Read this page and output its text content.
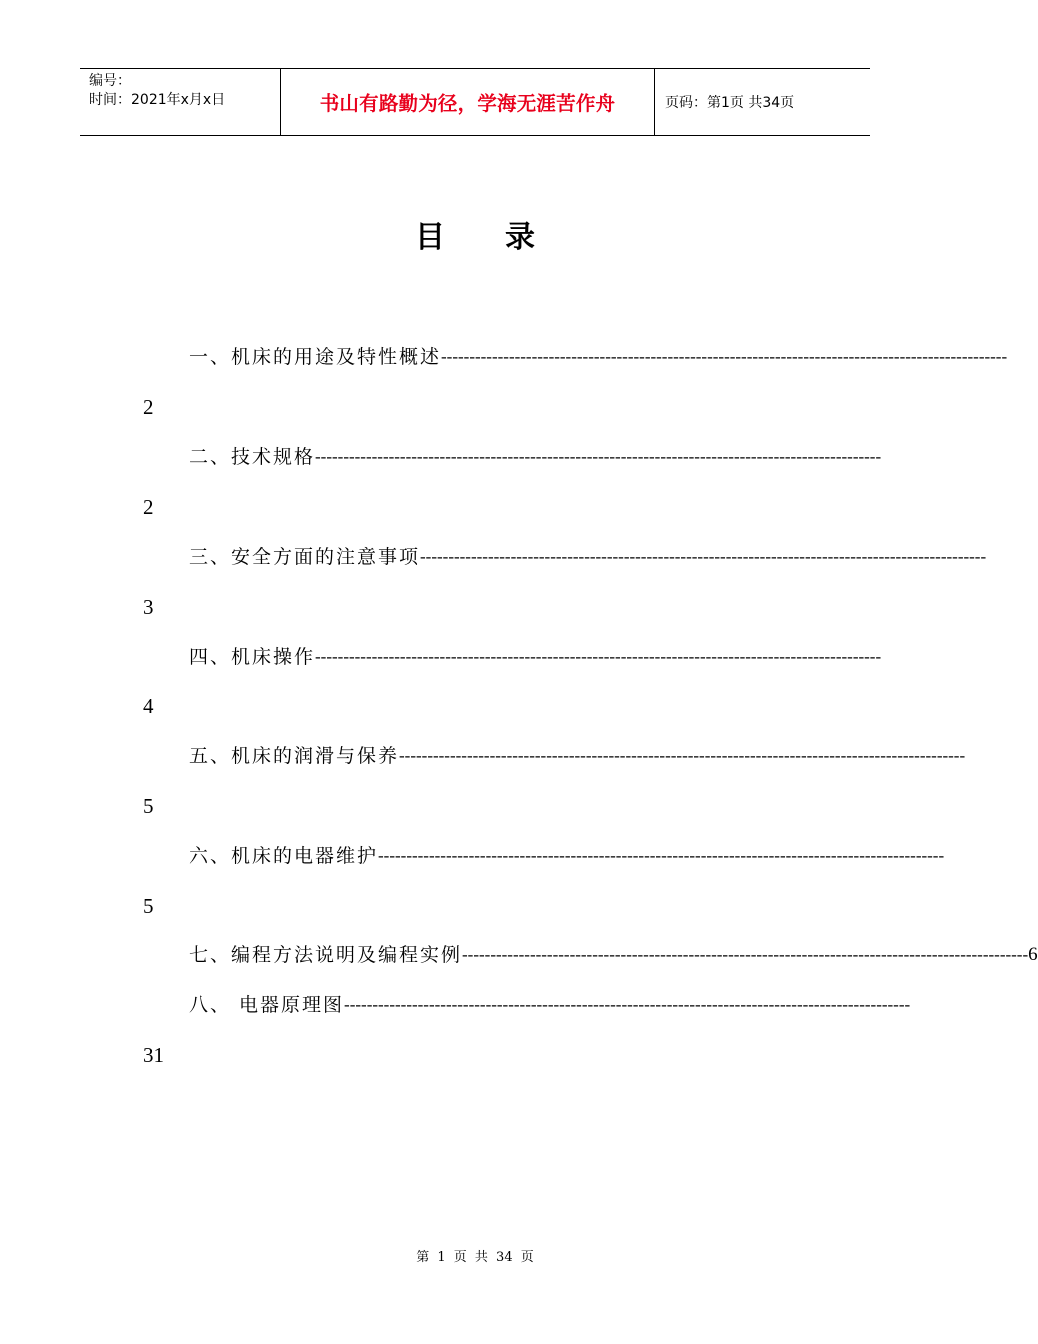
编号：
时间：2021年x月x日	书山有路勤为径，学海无涯苦作舟	页码：第1页 共34页
目 录
一、机床的用途及特性概述 ----------------------------------------------------------------------------------------------------
2
二、技术规格 ----------------------------------------------------------------------------------------------------
2
三、安全方面的注意事项 ----------------------------------------------------------------------------------------------------
3
四、机床操作 ----------------------------------------------------------------------------------------------------
4
五、机床的润滑与保养 ----------------------------------------------------------------------------------------------------
5
六、机床的电器维护 ----------------------------------------------------------------------------------------------------
5
七、编程方法说明及编程实例 ---------------------------------------------------------------------------------------------------- 6
八、 电器原理图 ----------------------------------------------------------------------------------------------------
31
第 1 页 共 34 页
